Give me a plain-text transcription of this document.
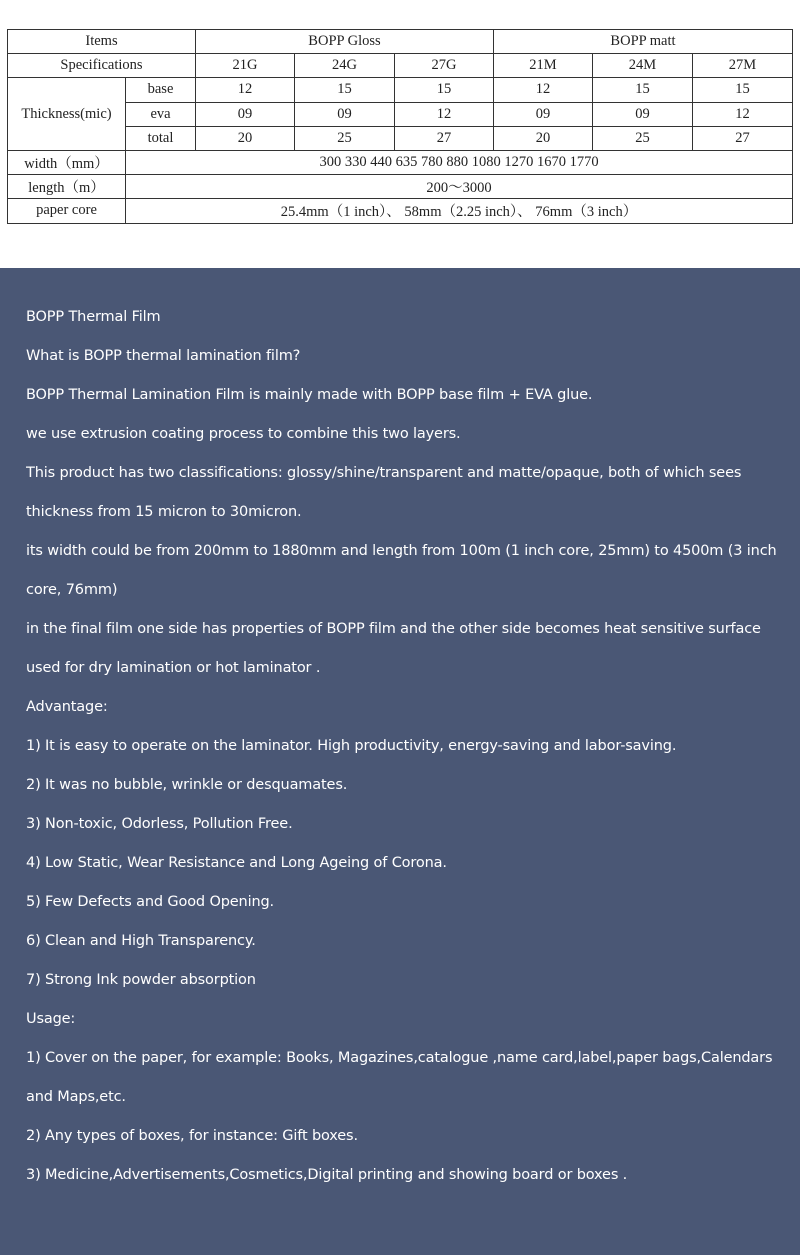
Items		BOPP Gloss			BOPP matt		
Specifications		21G	24G	27G	21M	24M	27M
Thickness(mic)	base	12	15	15	12	15	15
	eva	09	09	12	09	09	12
	total	20	25	27	20	25	27
width（mm）	300 330 440 635 780 880 1080 1270 1670 1770						
length（m）	200～3000						
paper core	25.4mm（1 inch）、 58mm（2.25 inch）、 76mm（3 inch）						
BOPP Thermal Film
What is BOPP thermal lamination film?
BOPP Thermal Lamination Film is mainly made with BOPP base film + EVA glue.
we use extrusion coating process to combine this two layers.
This product has two classifications: glossy/shine/transparent and matte/opaque, both of which sees
thickness from 15 micron to 30micron.
its width could be from 200mm to 1880mm and length from 100m (1 inch core, 25mm) to 4500m (3 inch
core, 76mm)
in the final film one side has properties of BOPP film and the other side becomes heat sensitive surface
used for dry lamination or hot laminator .
Advantage:
1) It is easy to operate on the laminator. High productivity, energy-saving and labor-saving.
2) It was no bubble, wrinkle or desquamates.
3) Non-toxic, Odorless, Pollution Free.
4) Low Static, Wear Resistance and Long Ageing of Corona.
5) Few Defects and Good Opening.
6) Clean and High Transparency.
7) Strong Ink powder absorption
Usage:
1) Cover on the paper, for example: Books, Magazines,catalogue ,name card,label,paper bags,Calendars
and Maps,etc.
2) Any types of boxes, for instance: Gift boxes.
3) Medicine,Advertisements,Cosmetics,Digital printing and showing board or boxes .
